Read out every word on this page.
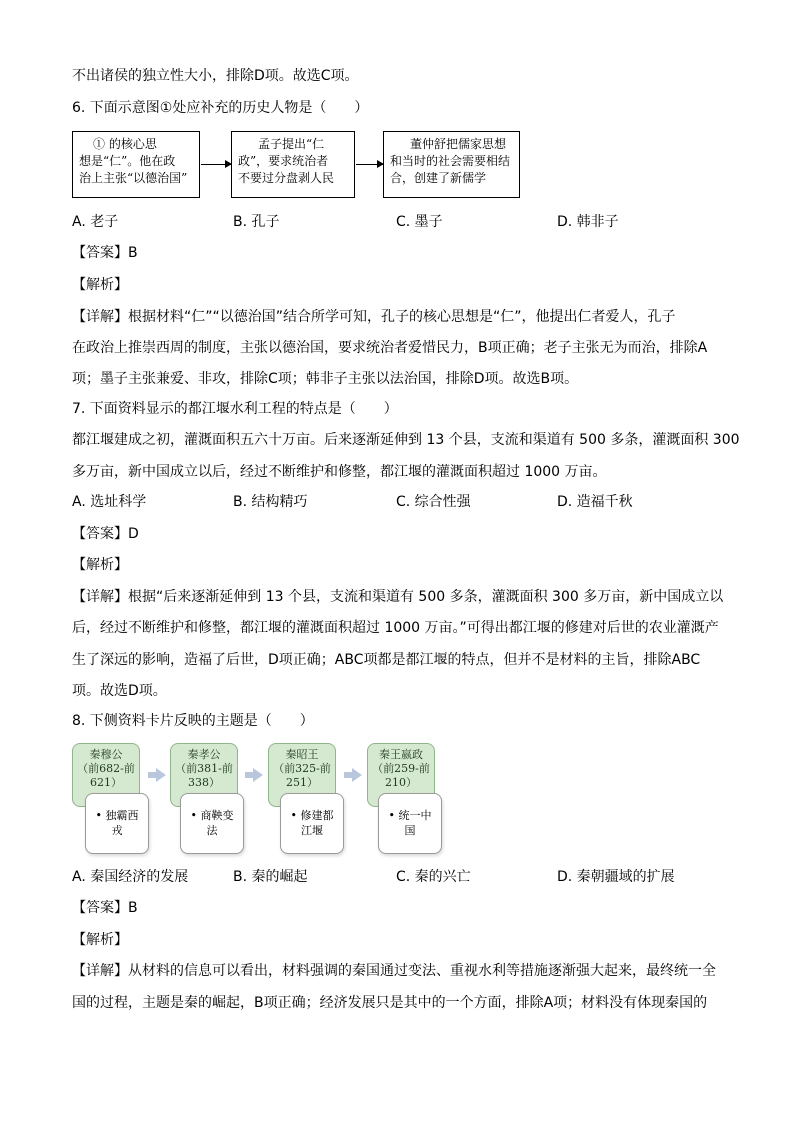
不出诸侯的独立性大小，排除D项。故选C项。
6. 下面示意图①处应补充的历史人物是（　　）
① 的核心思
想是“仁”。他在政
治上主张“以德治国”
孟子提出“仁
政”，要求统治者
不要过分盘剥人民
董仲舒把儒家思想
和当时的社会需要相结
合，创建了新儒学
A. 老子	B. 孔子	C. 墨子	D. 韩非子
【答案】B
【解析】
【详解】根据材料“仁”“以德治国”结合所学可知，孔子的核心思想是“仁”，他提出仁者爱人，孔子
在政治上推崇西周的制度，主张以德治国，要求统治者爱惜民力，B项正确；老子主张无为而治，排除A
项；墨子主张兼爱、非攻，排除C项；韩非子主张以法治国，排除D项。故选B项。
7. 下面资料显示的都江堰水利工程的特点是（　　）
都江堰建成之初，灌溉面积五六十万亩。后来逐渐延伸到 13 个县，支流和渠道有 500 多条，灌溉面积 300
多万亩，新中国成立以后，经过不断维护和修整，都江堰的灌溉面积超过 1000 万亩。
A. 选址科学	B. 结构精巧	C. 综合性强	D. 造福千秋
【答案】D
【解析】
【详解】根据“后来逐渐延伸到 13 个县，支流和渠道有 500 多条，灌溉面积 300 多万亩，新中国成立以
后，经过不断维护和修整，都江堰的灌溉面积超过 1000 万亩。”可得出都江堰的修建对后世的农业灌溉产
生了深远的影响，造福了后世，D项正确；ABC项都是都江堰的特点，但并不是材料的主旨，排除ABC
项。故选D项。
8. 下侧资料卡片反映的主题是（　　）
秦穆公
（前682-前
621）
• 独霸西
戎
秦孝公
（前381-前
338）
• 商鞅变
法
秦昭王
（前325-前
251）
• 修建都
江堰
秦王嬴政
（前259-前
210）
• 统一中
国
A. 秦国经济的发展	B. 秦的崛起	C. 秦的兴亡	D. 秦朝疆域的扩展
【答案】B
【解析】
【详解】从材料的信息可以看出，材料强调的秦国通过变法、重视水利等措施逐渐强大起来，最终统一全
国的过程，主题是秦的崛起，B项正确；经济发展只是其中的一个方面，排除A项；材料没有体现秦国的
